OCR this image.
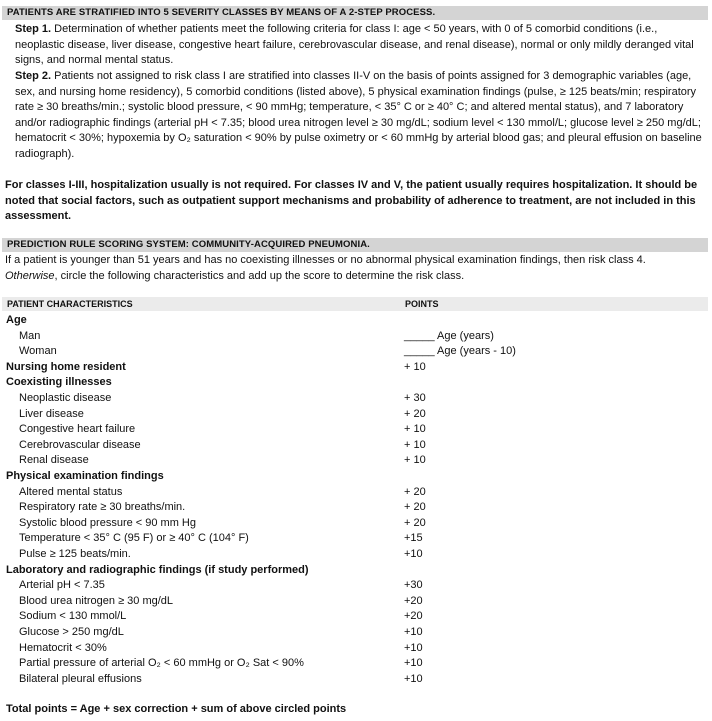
PATIENTS ARE STRATIFIED INTO 5 SEVERITY CLASSES BY MEANS OF A 2-STEP PROCESS.
Step 1. Determination of whether patients meet the following criteria for class I: age < 50 years, with 0 of 5 comorbid conditions (i.e., neoplastic disease, liver disease, congestive heart failure, cerebrovascular disease, and renal disease), normal or only mildly deranged vital signs, and normal mental status.
Step 2. Patients not assigned to risk class I are stratified into classes II-V on the basis of points assigned for 3 demographic variables (age, sex, and nursing home residency), 5 comorbid conditions (listed above), 5 physical examination findings (pulse, ≥ 125 beats/min; respiratory rate ≥ 30 breaths/min.; systolic blood pressure, < 90 mmHg; temperature, < 35° C or ≥ 40° C; and altered mental status), and 7 laboratory and/or radiographic findings (arterial pH < 7.35; blood urea nitrogen level ≥ 30 mg/dL; sodium level < 130 mmol/L; glucose level ≥ 250 mg/dL; hematocrit < 30%; hypoxemia by O₂ saturation < 90% by pulse oximetry or < 60 mmHg by arterial blood gas; and pleural effusion on baseline radiograph).
For classes I-III, hospitalization usually is not required. For classes IV and V, the patient usually requires hospitalization. It should be noted that social factors, such as outpatient support mechanisms and probability of adherence to treatment, are not included in this assessment.
PREDICTION RULE SCORING SYSTEM: COMMUNITY-ACQUIRED PNEUMONIA.
If a patient is younger than 51 years and has no coexisting illnesses or no abnormal physical examination findings, then risk class 4.
Otherwise, circle the following characteristics and add up the score to determine the risk class.
PATIENT CHARACTERISTICS	POINTS
Age
Man	_____ Age (years)
Woman	_____ Age (years - 10)
Nursing home resident	+ 10
Coexisting illnesses
Neoplastic disease	+ 30
Liver disease	+ 20
Congestive heart failure	+ 10
Cerebrovascular disease	+ 10
Renal disease	+ 10
Physical examination findings
Altered mental status	+ 20
Respiratory rate ≥ 30 breaths/min.	+ 20
Systolic blood pressure < 90 mm Hg	+ 20
Temperature < 35° C (95 F) or ≥ 40° C (104° F)	+15
Pulse ≥ 125 beats/min.	+10
Laboratory and radiographic findings (if study performed)
Arterial pH < 7.35	+30
Blood urea nitrogen ≥ 30 mg/dL	+20
Sodium < 130 mmol/L	+20
Glucose > 250 mg/dL	+10
Hematocrit < 30%	+10
Partial pressure of arterial O₂ < 60 mmHg or O₂ Sat < 90%	+10
Bilateral pleural effusions	+10
Total points = Age + sex correction + sum of above circled points
